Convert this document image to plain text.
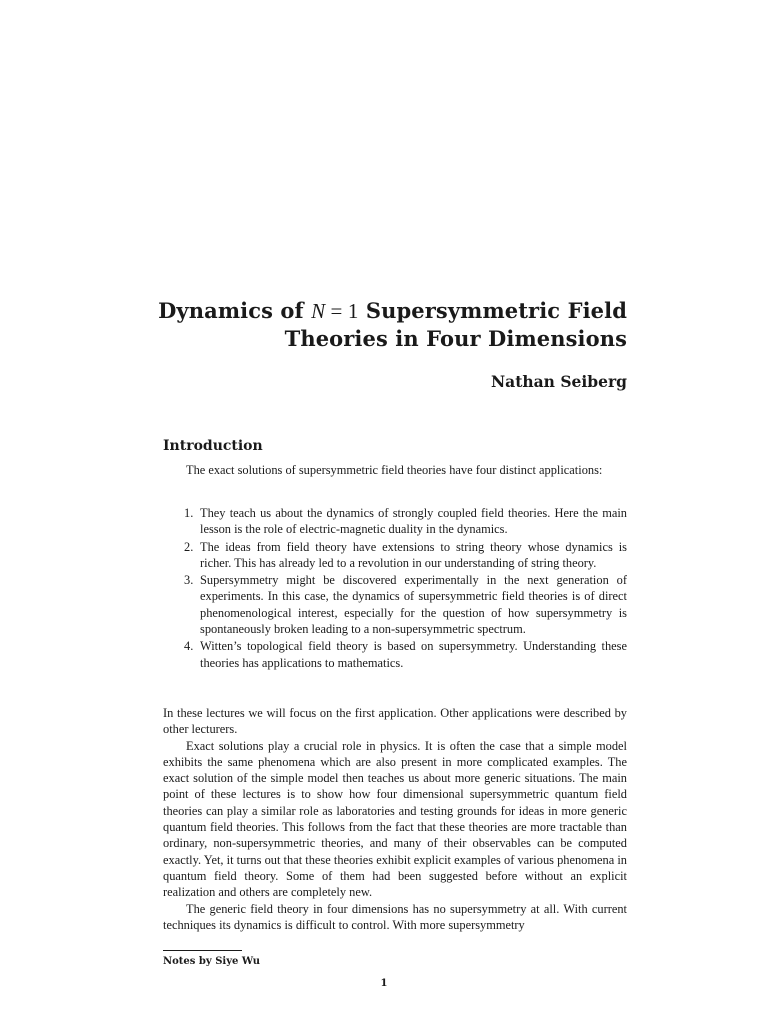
Dynamics of N = 1 Supersymmetric Field
Theories in Four Dimensions

Nathan Seiberg

Introduction

The exact solutions of supersymmetric field theories have four distinct applications:

1. They teach us about the dynamics of strongly coupled field theories. Here the main lesson is the role of electric-magnetic duality in the dynamics.
2. The ideas from field theory have extensions to string theory whose dynamics is richer. This has already led to a revolution in our understanding of string theory.
3. Supersymmetry might be discovered experimentally in the next generation of experiments. In this case, the dynamics of supersymmetric field theories is of direct phenomenological interest, especially for the question of how supersymmetry is spontaneously broken leading to a non-supersymmetric spectrum.
4. Witten’s topological field theory is based on supersymmetry. Understanding these theories has applications to mathematics.

In these lectures we will focus on the first application. Other applications were described by other lecturers.

Exact solutions play a crucial role in physics. It is often the case that a simple model exhibits the same phenomena which are also present in more complicated examples. The exact solution of the simple model then teaches us about more generic situations. The main point of these lectures is to show how four dimensional supersymmetric quantum field theories can play a similar role as laboratories and testing grounds for ideas in more generic quantum field theories. This follows from the fact that these theories are more tractable than ordinary, non-supersymmetric theories, and many of their observables can be computed exactly. Yet, it turns out that these theories exhibit explicit examples of various phenomena in quantum field theory. Some of them had been suggested before without an explicit realization and others are completely new.

The generic field theory in four dimensions has no supersymmetry at all. With current techniques its dynamics is difficult to control. With more supersymmetry

Notes by Siye Wu

1
